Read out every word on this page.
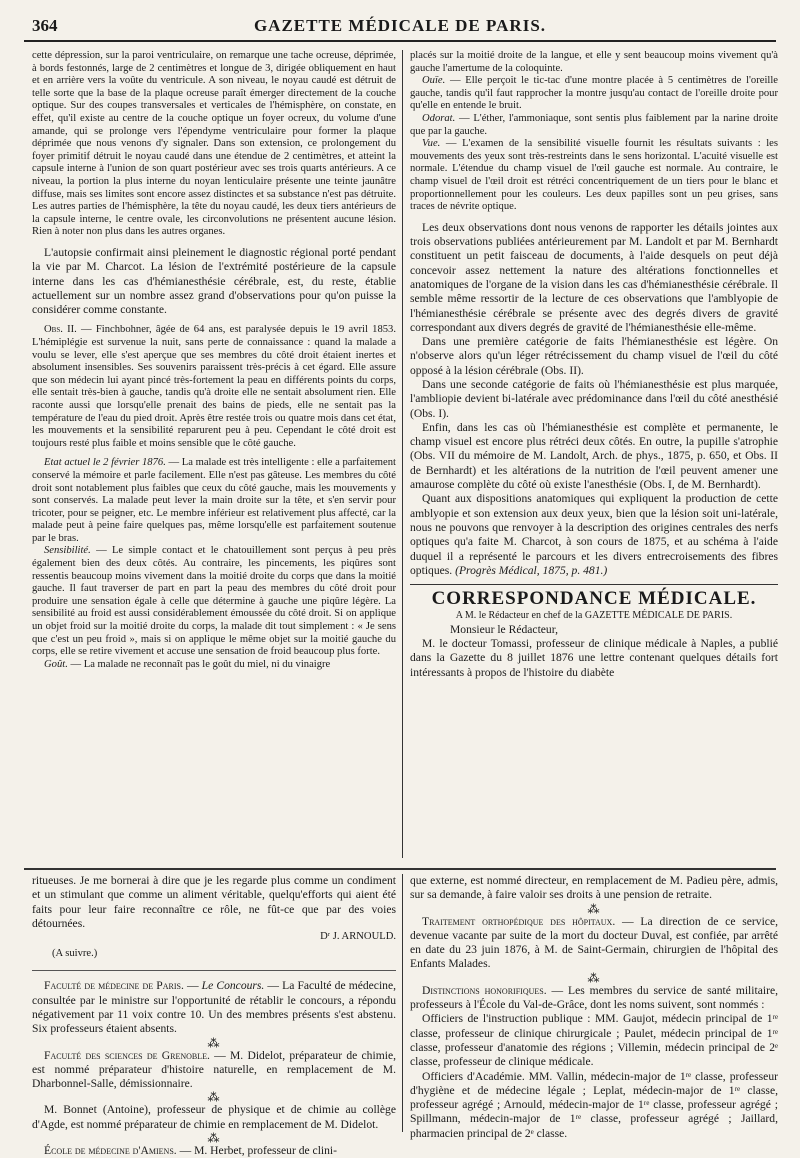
364	GAZETTE MÉDICALE DE PARIS.

cette dépression, sur la paroi ventriculaire, on remarque une tache ocreuse, déprimée, à bords festonnés, large de 2 centimètres et longue de 3, dirigée obliquement en haut et en arrière vers la voûte du ventricule. A son niveau, le noyau caudé est détruit de telle sorte que la base de la plaque ocreuse paraît émerger directement de la couche optique. Sur des coupes transversales et verticales de l'hémisphère, on constate, en effet, qu'il existe au centre de la couche optique un foyer ocreux, du volume d'une amande, qui se prolonge vers l'épendyme ventriculaire pour former la plaque déprimée que nous venons d'y signaler. Dans son extension, ce prolongement du foyer primitif détruit le noyau caudé dans une étendue de 2 centimètres, et atteint la capsule interne à l'union de son quart postérieur avec ses trois quarts antérieurs. A ce niveau, la portion la plus interne du noyan lenticulaire présente une teinte jaunâtre diffuse, mais ses limites sont encore assez distinctes et sa substance n'est pas détruite. Les autres parties de l'hémisphère, la tête du noyau caudé, les deux tiers antérieurs de la capsule interne, le centre ovale, les circonvolutions ne présentent aucune lésion. Rien à noter non plus dans les autres organes.

L'autopsie confirmait ainsi pleinement le diagnostic régional porté pendant la vie par M. Charcot. La lésion de l'extrémité postérieure de la capsule interne dans les cas d'hémianesthésie cérébrale, est, du reste, établie actuellement sur un nombre assez grand d'observations pour qu'on puisse la considérer comme constante.

Obs. II. — Finchbohner, âgée de 64 ans, est paralysée depuis le 19 avril 1853. L'hémiplégie est survenue la nuit, sans perte de connaissance : quand la malade a voulu se lever, elle s'est aperçue que ses membres du côté droit étaient inertes et absolument insensibles. Ses souvenirs paraissent très-précis à cet égard. Elle assure que son médecin lui ayant pincé très-fortement la peau en différents points du corps, elle sentait très-bien à gauche, tandis qu'à droite elle ne sentait absolument rien. Elle raconte aussi que lorsqu'elle prenait des bains de pieds, elle ne sentait pas la température de l'eau du pied droit. Après être restée trois ou quatre mois dans cet état, les mouvements et la sensibilité reparurent peu à peu. Cependant le côté droit est toujours resté plus faible et moins sensible que le côté gauche.

Etat actuel le 2 février 1876. — La malade est très intelligente : elle a parfaitement conservé la mémoire et parle facilement. Elle n'est pas gâteuse. Les membres du côté droit sont notablement plus faibles que ceux du côté gauche, mais les mouvements y sont conservés. La malade peut lever la main droite sur la tête, et s'en servir pour tricoter, pour se peigner, etc. Le membre inférieur est relativement plus affecté, car la malade peut à peine faire quelques pas, même lorsqu'elle est parfaitement soutenue par le bras.

Sensibilité. — Le simple contact et le chatouillement sont perçus à peu près également bien des deux côtés. Au contraire, les pincements, les piqûres sont ressentis beaucoup moins vivement dans la moitié droite du corps que dans la moitié gauche. Il faut traverser de part en part la peau des membres du côté droit pour produire une sensation égale à celle que détermine à gauche une piqûre légère. La sensibilité au froid est aussi considérablement émoussée du côté droit. Si on applique un objet froid sur la moitié droite du corps, la malade dit tout simplement : « Je sens que c'est un peu froid », mais si on applique le même objet sur la moitié gauche du corps, elle se retire vivement et accuse une sensation de froid beaucoup plus forte.

Goût. — La malade ne reconnaît pas le goût du miel, ni du vinaigre

placés sur la moitié droite de la langue, et elle y sent beaucoup moins vivement qu'à gauche l'amertume de la coloquinte.

Ouïe. — Elle perçoit le tic-tac d'une montre placée à 5 centimètres de l'oreille gauche, tandis qu'il faut rapprocher la montre jusqu'au contact de l'oreille droite pour qu'elle en entende le bruit.

Odorat. — L'éther, l'ammoniaque, sont sentis plus faiblement par la narine droite que par la gauche.

Vue. — L'examen de la sensibilité visuelle fournit les résultats suivants : les mouvements des yeux sont très-restreints dans le sens horizontal. L'acuité visuelle est normale. L'étendue du champ visuel de l'œil gauche est normale. Au contraire, le champ visuel de l'œil droit est rétréci concentriquement de un tiers pour le blanc et proportionnellement pour les couleurs. Les deux papilles sont un peu grises, sans traces de névrite optique.

Les deux observations dont nous venons de rapporter les détails jointes aux trois observations publiées antérieurement par M. Landolt et par M. Bernhardt constituent un petit faisceau de documents, à l'aide desquels on peut déjà concevoir assez nettement la nature des altérations fonctionnelles et anatomiques de l'organe de la vision dans les cas d'hémianesthésie cérébrale. Il semble même ressortir de la lecture de ces observations que l'amblyopie de l'hémianesthésie cérébrale se présente avec des degrés divers de gravité correspondant aux divers degrés de gravité de l'hémianesthésie elle-même.

Dans une première catégorie de faits l'hémianesthésie est légère. On n'observe alors qu'un léger rétrécissement du champ visuel de l'œil du côté opposé à la lésion cérébrale (Obs. II).

Dans une seconde catégorie de faits où l'hémianesthésie est plus marquée, l'ambliopie devient bi-latérale avec prédominance dans l'œil du côté anesthésié (Obs. I).

Enfin, dans les cas où l'hémianesthésie est complète et permanente, le champ visuel est encore plus rétréci deux côtés. En outre, la pupille s'atrophie (Obs. VII du mémoire de M. Landolt, Arch. de phys., 1875, p. 650, et Obs. II de Bernhardt) et les altérations de la nutrition de l'œil peuvent amener une amaurose complète du côté où existe l'anesthésie (Obs. I, de M. Bernhardt).

Quant aux dispositions anatomiques qui expliquent la production de cette amblyopie et son extension aux deux yeux, bien que la lésion soit uni-latérale, nous ne pouvons que renvoyer à la description des origines centrales des nerfs optiques qu'a faite M. Charcot, à son cours de 1875, et au schéma à l'aide duquel il a représenté le parcours et les divers entrecroisements des fibres optiques. (Progrès Médical, 1875, p. 481.)

CORRESPONDANCE MÉDICALE.

A M. le Rédacteur en chef de la GAZETTE MÉDICALE DE PARIS.

Monsieur le Rédacteur,

M. le docteur Tomassi, professeur de clinique médicale à Naples, a publié dans la Gazette du 8 juillet 1876 une lettre contenant quelques détails fort intéressants à propos de l'histoire du diabète

ritueuses. Je me bornerai à dire que je les regarde plus comme un condiment et un stimulant que comme un aliment véritable, quelqu'efforts qui aient été faits pour leur faire reconnaître ce rôle, ne fût-ce que par des voies détournées.

Dʳ J. ARNOULD.

(A suivre.)

Faculté de médecine de Paris. — Le Concours. — La Faculté de médecine, consultée par le ministre sur l'opportunité de rétablir le concours, a répondu négativement par 11 voix contre 10. Un des membres présents s'est abstenu. Six professeurs étaient absents.

⁂

Faculté des sciences de Grenoble. — M. Didelot, préparateur de chimie, est nommé préparateur d'histoire naturelle, en remplacement de M. Dharbonnel-Salle, démissionnaire.

⁂

M. Bonnet (Antoine), professeur de physique et de chimie au collège d'Agde, est nommé préparateur de chimie en remplacement de M. Didelot.

⁂

École de médecine d'Amiens. — M. Herbet, professeur de clini-

que externe, est nommé directeur, en remplacement de M. Padieu père, admis, sur sa demande, à faire valoir ses droits à une pension de retraite.

⁂

Traitement orthopédique des hôpitaux. — La direction de ce service, devenue vacante par suite de la mort du docteur Duval, est confiée, par arrêté en date du 23 juin 1876, à M. de Saint-Germain, chirurgien de l'hôpital des Enfants Malades.

⁂

Distinctions honorifiques. — Les membres du service de santé militaire, professeurs à l'École du Val-de-Grâce, dont les noms suivent, sont nommés :

Officiers de l'instruction publique : MM. Gaujot, médecin principal de 1ʳᵉ classe, professeur de clinique chirurgicale ; Paulet, médecin principal de 1ʳᵉ classe, professeur d'anatomie des régions ; Villemin, médecin principal de 2ᵉ classe, professeur de clinique médicale.

Officiers d'Académie. MM. Vallin, médecin-major de 1ʳᵉ classe, professeur d'hygiène et de médecine légale ; Leplat, médecin-major de 1ʳᵉ classe, professeur agrégé ; Arnould, médecin-major de 1ʳᵉ classe, professeur agrégé ; Spillmann, médecin-major de 1ʳᵉ classe, professeur agrégé ; Jaillard, pharmacien principal de 2ᵉ classe.
